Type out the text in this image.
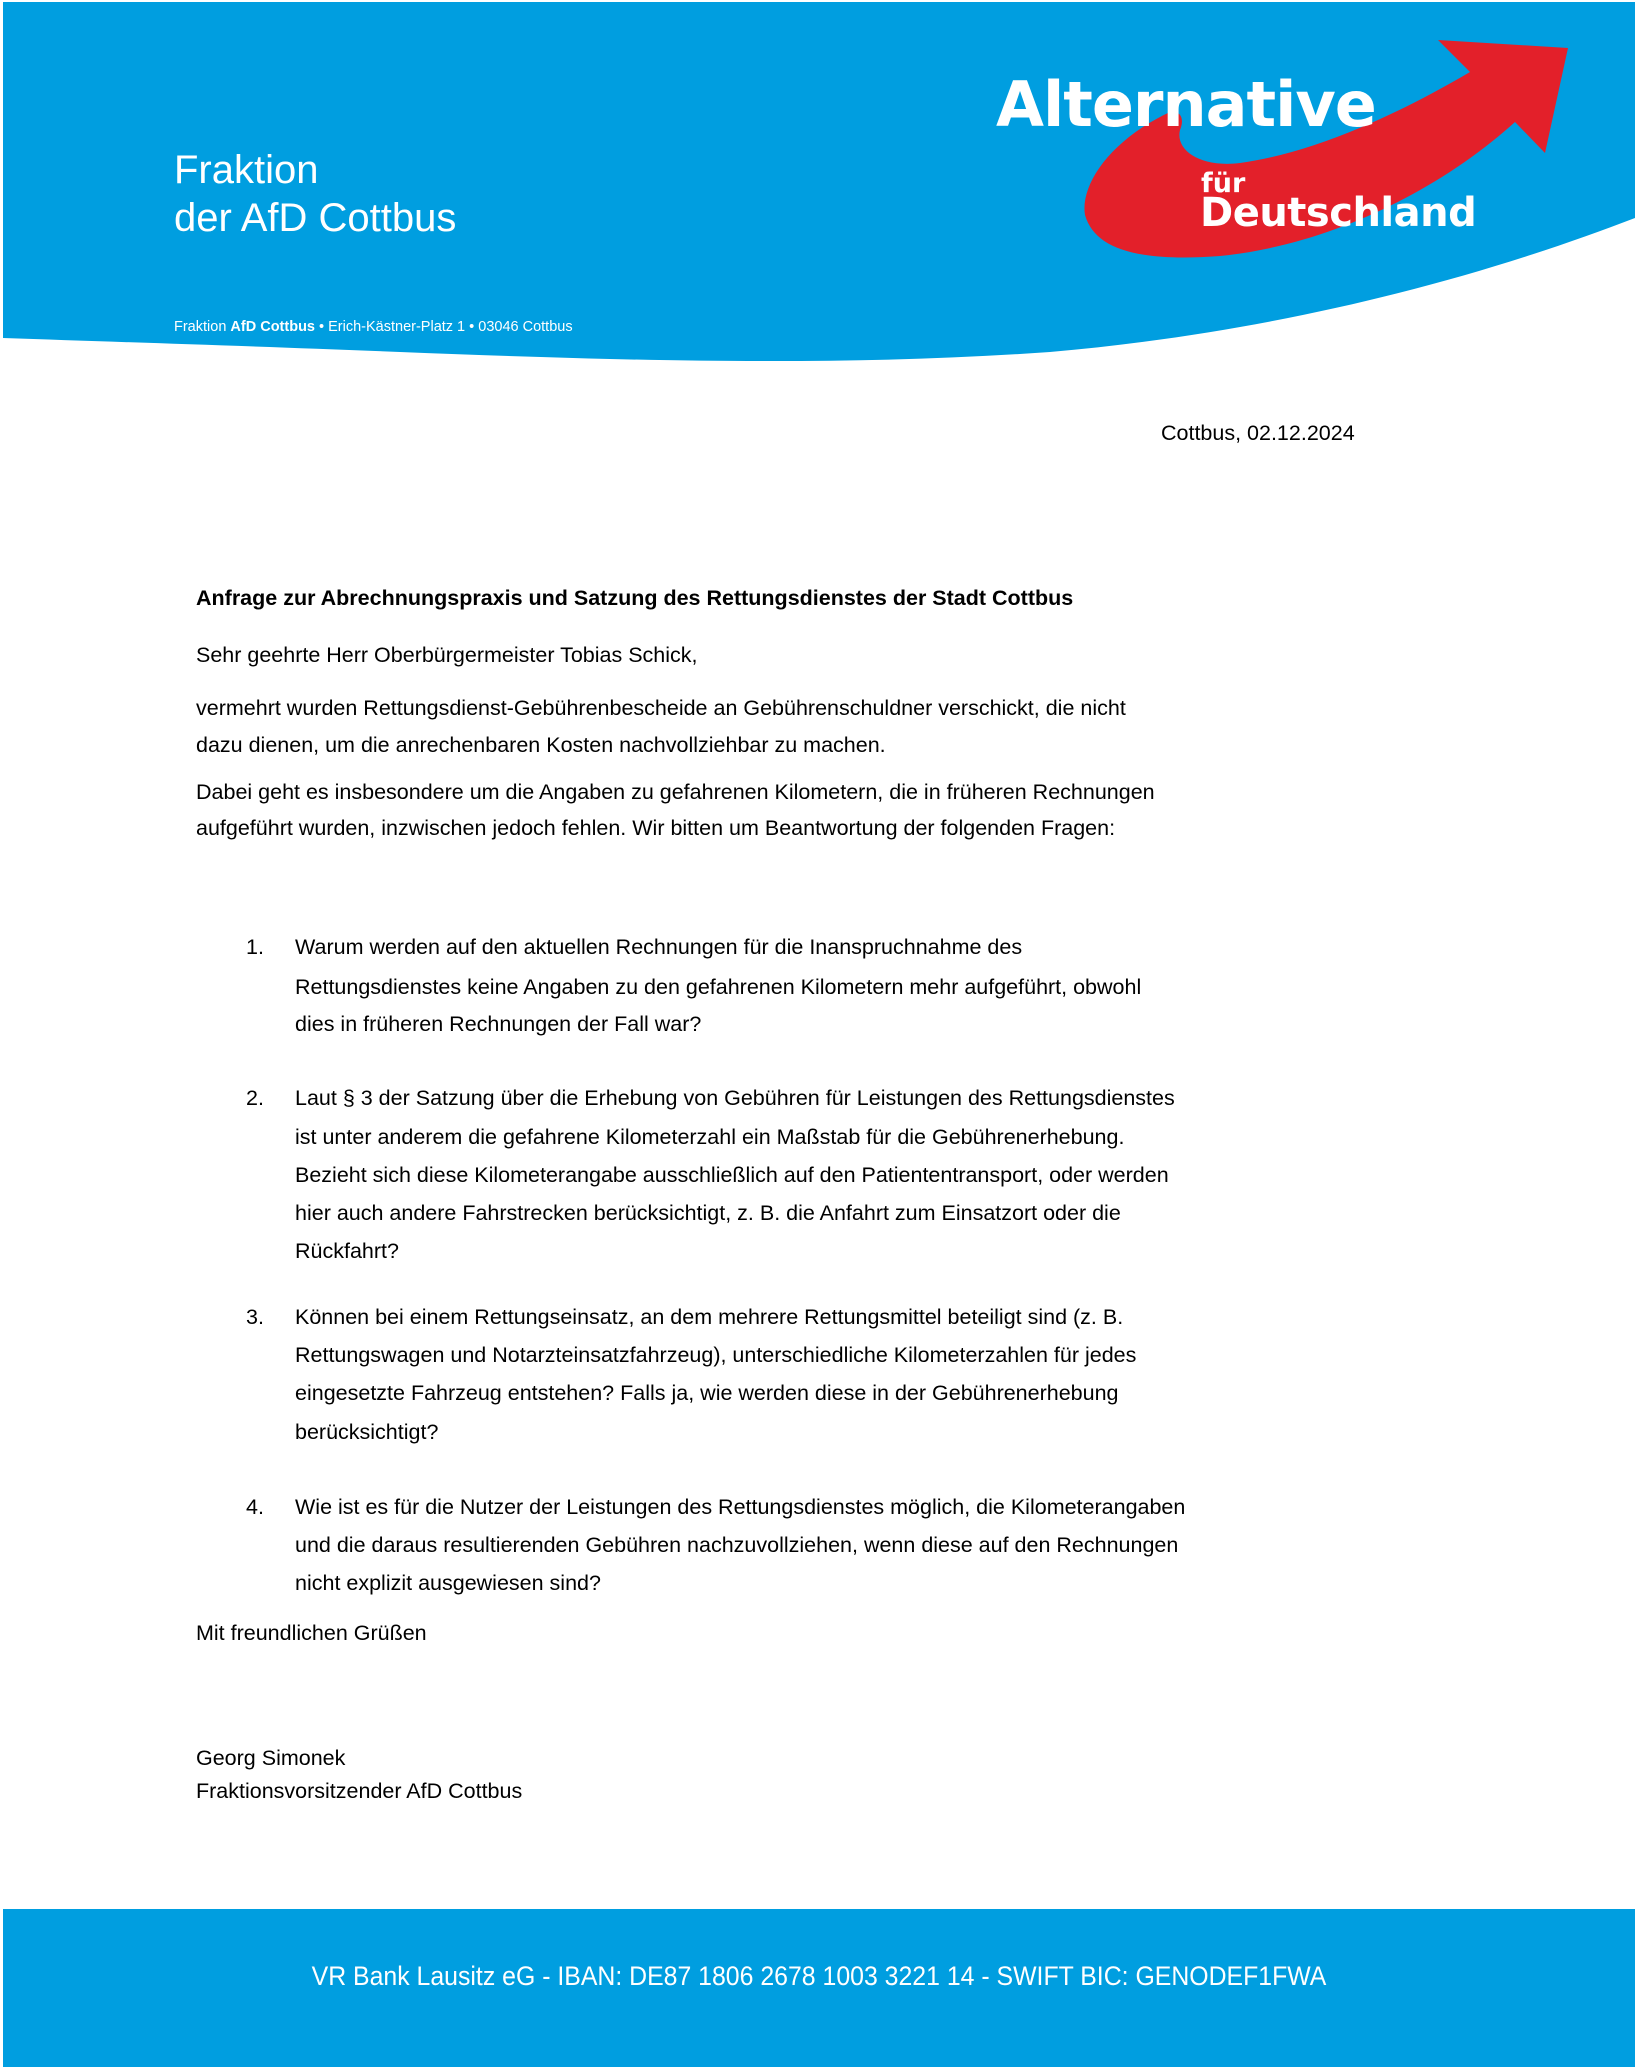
Fraktion
der AfD Cottbus
Fraktion AfD Cottbus • Erich-Kästner-Platz 1 • 03046 Cottbus
Alternative
für
Deutschland
Cottbus, 02.12.2024
Anfrage zur Abrechnungspraxis und Satzung des Rettungsdienstes der Stadt Cottbus
Sehr geehrte Herr Oberbürgermeister Tobias Schick,
vermehrt wurden Rettungsdienst-Gebührenbescheide an Gebührenschuldner verschickt, die nicht
dazu dienen, um die anrechenbaren Kosten nachvollziehbar zu machen.
Dabei geht es insbesondere um die Angaben zu gefahrenen Kilometern, die in früheren Rechnungen
aufgeführt wurden, inzwischen jedoch fehlen. Wir bitten um Beantwortung der folgenden Fragen:
1. Warum werden auf den aktuellen Rechnungen für die Inanspruchnahme des
Rettungsdienstes keine Angaben zu den gefahrenen Kilometern mehr aufgeführt, obwohl
dies in früheren Rechnungen der Fall war?
2. Laut § 3 der Satzung über die Erhebung von Gebühren für Leistungen des Rettungsdienstes
ist unter anderem die gefahrene Kilometerzahl ein Maßstab für die Gebührenerhebung.
Bezieht sich diese Kilometerangabe ausschließlich auf den Patiententransport, oder werden
hier auch andere Fahrstrecken berücksichtigt, z. B. die Anfahrt zum Einsatzort oder die
Rückfahrt?
3. Können bei einem Rettungseinsatz, an dem mehrere Rettungsmittel beteiligt sind (z. B.
Rettungswagen und Notarzteinsatzfahrzeug), unterschiedliche Kilometerzahlen für jedes
eingesetzte Fahrzeug entstehen? Falls ja, wie werden diese in der Gebührenerhebung
berücksichtigt?
4. Wie ist es für die Nutzer der Leistungen des Rettungsdienstes möglich, die Kilometerangaben
und die daraus resultierenden Gebühren nachzuvollziehen, wenn diese auf den Rechnungen
nicht explizit ausgewiesen sind?
Mit freundlichen Grüßen
Georg Simonek
Fraktionsvorsitzender AfD Cottbus
VR Bank Lausitz eG - IBAN: DE87 1806 2678 1003 3221 14 - SWIFT BIC: GENODEF1FWA
